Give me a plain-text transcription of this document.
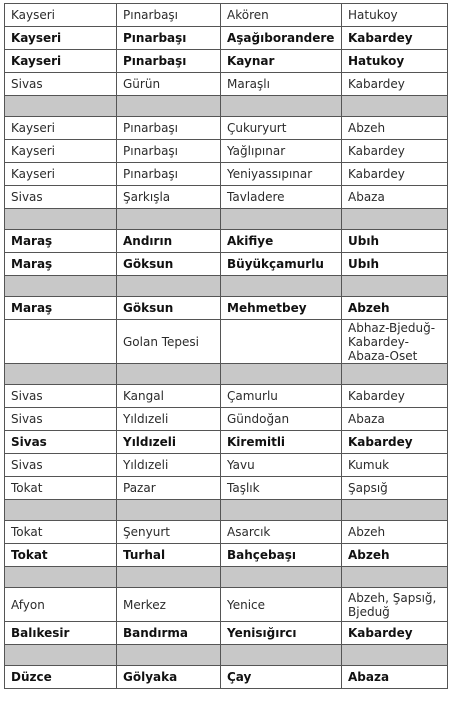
Kayseri	Pınarbaşı	Akören	Hatukoy
Kayseri	Pınarbaşı	Aşağıborandere	Kabardey
Kayseri	Pınarbaşı	Kaynar	Hatukoy
Sivas	Gürün	Maraşlı	Kabardey

Kayseri	Pınarbaşı	Çukuryurt	Abzeh
Kayseri	Pınarbaşı	Yağlıpınar	Kabardey
Kayseri	Pınarbaşı	Yeniyassıpınar	Kabardey
Sivas	Şarkışla	Tavladere	Abaza

Maraş	Andırın	Akifiye	Ubıh
Maraş	Göksun	Büyükçamurlu	Ubıh

Maraş	Göksun	Mehmetbey	Abzeh
	Golan Tepesi		Abhaz-Bjeduğ-Kabardey-Abaza-Oset

Sivas	Kangal	Çamurlu	Kabardey
Sivas	Yıldızeli	Gündoğan	Abaza
Sivas	Yıldızeli	Kiremitli	Kabardey
Sivas	Yıldızeli	Yavu	Kumuk
Tokat	Pazar	Taşlık	Şapsığ

Tokat	Şenyurt	Asarcık	Abzeh
Tokat	Turhal	Bahçebaşı	Abzeh

Afyon	Merkez	Yenice	Abzeh, Şapsığ, Bjeduğ
Balıkesir	Bandırma	Yenisığırcı	Kabardey

Düzce	Gölyaka	Çay	Abaza
